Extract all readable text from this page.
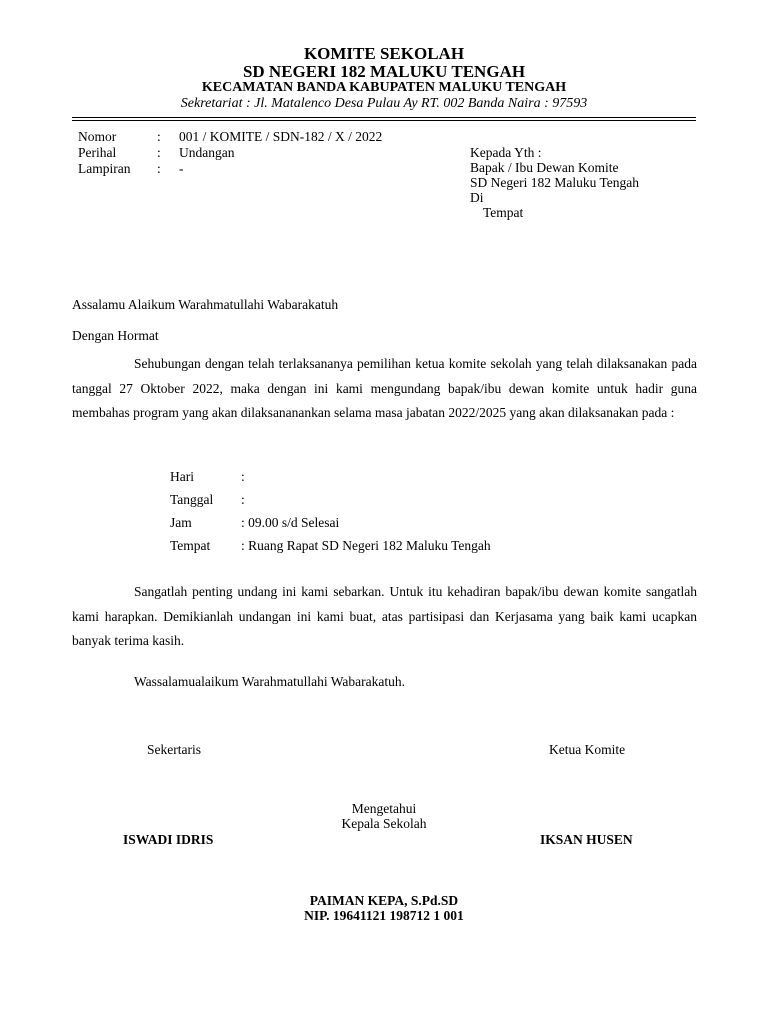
KOMITE SEKOLAH
SD NEGERI 182 MALUKU TENGAH
KECAMATAN BANDA KABUPATEN MALUKU TENGAH
Sekretariat : Jl. Matalenco Desa Pulau Ay RT. 002 Banda Naira : 97593
Nomor	: 001 / KOMITE / SDN-182 / X / 2022
Perihal	: Undangan
Lampiran : -
Kepada Yth :
Bapak / Ibu Dewan Komite
SD Negeri 182 Maluku Tengah
Di
Tempat
Assalamu Alaikum Warahmatullahi Wabarakatuh
Dengan Hormat
Sehubungan dengan telah terlaksananya pemilihan ketua komite sekolah yang telah dilaksanakan pada tanggal 27 Oktober 2022, maka dengan ini kami mengundang bapak/ibu dewan komite untuk hadir guna membahas program yang akan dilaksananankan selama masa jabatan 2022/2025 yang akan dilaksanakan pada :
Hari	:
Tanggal :
Jam	: 09.00 s/d Selesai
Tempat : Ruang Rapat SD Negeri 182 Maluku Tengah
Sangatlah penting undang ini kami sebarkan. Untuk itu kehadiran bapak/ibu dewan komite sangatlah kami harapkan. Demikianlah undangan ini kami buat, atas partisipasi dan Kerjasama yang baik kami ucapkan banyak terima kasih.
Wassalamualaikum Warahmatullahi Wabarakatuh.
Sekertaris
ISWADI IDRIS
Ketua Komite
IKSAN HUSEN
Mengetahui
Kepala Sekolah
PAIMAN KEPA, S.Pd.SD
NIP. 19641121 198712 1 001
